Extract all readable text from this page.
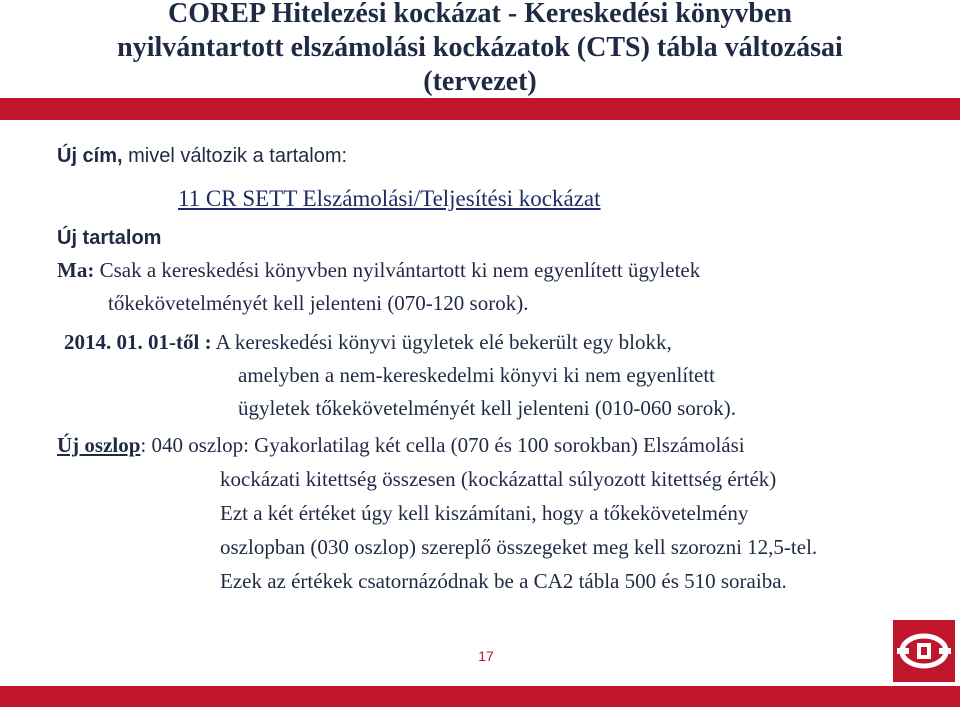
COREP Hitelezési kockázat - Kereskedési könyvben
nyilvántartott elszámolási kockázatok (CTS) tábla változásai
(tervezet)
Új cím, mivel változik a tartalom:
11 CR SETT Elszámolási/Teljesítési kockázat
Új tartalom
Ma: Csak a kereskedési könyvben nyilvántartott ki nem egyenlített ügyletek
tőkekövetelményét kell jelenteni (070-120 sorok).
2014. 01. 01-től : A kereskedési könyvi ügyletek elé bekerült egy blokk,
amelyben a nem-kereskedelmi könyvi ki nem egyenlített
ügyletek tőkekövetelményét kell jelenteni (010-060 sorok).
Új oszlop: 040 oszlop: Gyakorlatilag két cella (070 és 100 sorokban) Elszámolási
kockázati kitettség összesen (kockázattal súlyozott kitettség érték)
Ezt a két értéket úgy kell kiszámítani, hogy a tőkekövetelmény
oszlopban (030 oszlop) szereplő összegeket meg kell szorozni 12,5-tel.
Ezek az értékek csatornázódnak be a CA2 tábla 500 és 510 soraiba.
17
